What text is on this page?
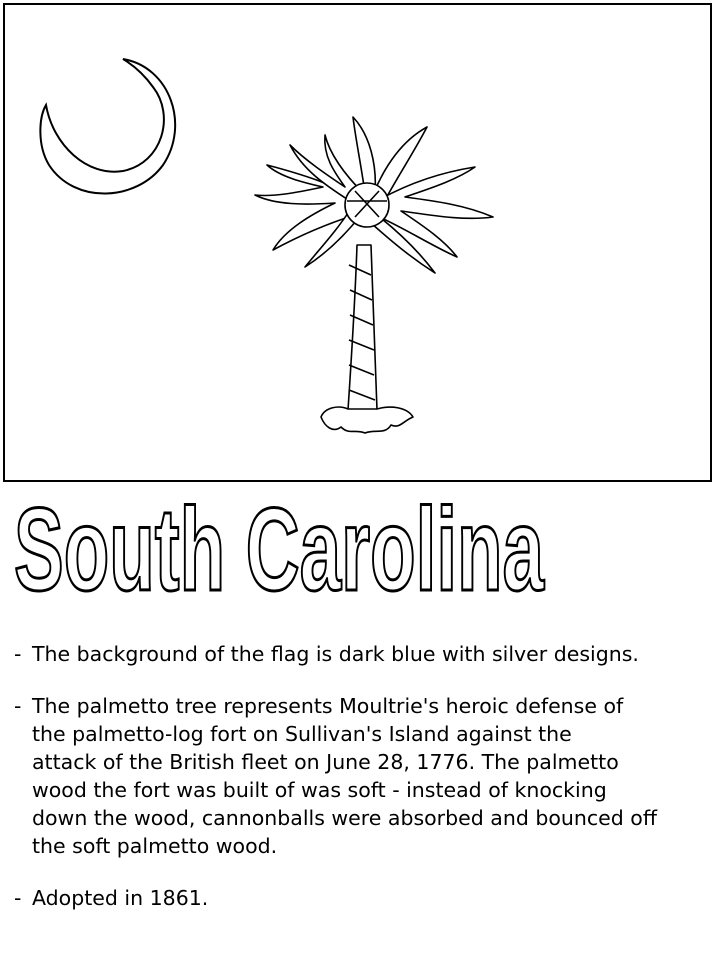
South Carolina
- The background of the flag is dark blue with silver designs.
- The palmetto tree represents Moultrie's heroic defense of
the palmetto-log fort on Sullivan's Island against the
attack of the British fleet on June 28, 1776. The palmetto
wood the fort was built of was soft - instead of knocking
down the wood, cannonballs were absorbed and bounced off
the soft palmetto wood.
- Adopted in 1861.
